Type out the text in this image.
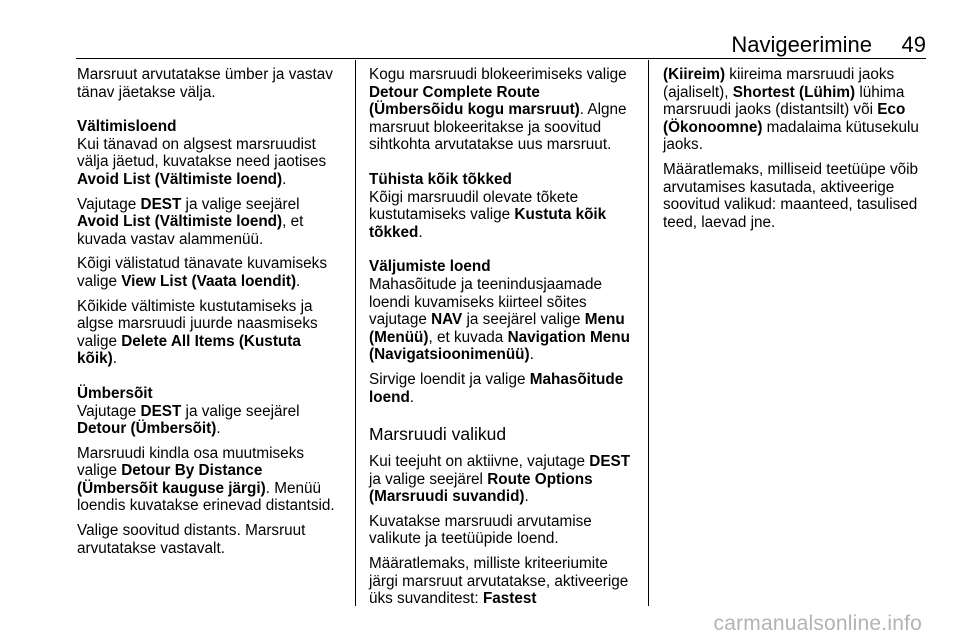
Navigeerimine 49

Marsruut arvutatakse ümber ja vastav tänav jäetakse välja.

Vältimisloend

Kui tänavad on algsest marsruudist välja jäetud, kuvatakse need jaotises Avoid List (Vältimiste loend).

Vajutage DEST ja valige seejärel Avoid List (Vältimiste loend), et kuvada vastav alammenüü.

Kõigi välistatud tänavate kuvamiseks valige View List (Vaata loendit).

Kõikide vältimiste kustutamiseks ja algse marsruudi juurde naasmiseks valige Delete All Items (Kustuta kõik).

Ümbersõit

Vajutage DEST ja valige seejärel Detour (Ümbersõit).

Marsruudi kindla osa muutmiseks valige Detour By Distance (Ümbersõit kauguse järgi). Menüü loendis kuvatakse erinevad distantsid.

Valige soovitud distants. Marsruut arvutatakse vastavalt.

Kogu marsruudi blokeerimiseks valige Detour Complete Route (Ümbersõidu kogu marsruut). Algne marsruut blokeeritakse ja soovitud sihtkohta arvutatakse uus marsruut.

Tühista kõik tõkked

Kõigi marsruudil olevate tõkete kustutamiseks valige Kustuta kõik tõkked.

Väljumiste loend

Mahasõitude ja teenindusjaamade loendi kuvamiseks kiirteel sõites vajutage NAV ja seejärel valige Menu (Menüü), et kuvada Navigation Menu (Navigatsioonimenüü).

Sirvige loendit ja valige Mahasõitude loend.

Marsruudi valikud

Kui teejuht on aktiivne, vajutage DEST ja valige seejärel Route Options (Marsruudi suvandid).

Kuvatakse marsruudi arvutamise valikute ja teetüüpide loend.

Määratlemaks, milliste kriteeriumite järgi marsruut arvutatakse, aktiveerige üks suvanditest: Fastest

(Kiireim) kiireima marsruudi jaoks (ajaliselt), Shortest (Lühim) lühima marsruudi jaoks (distantsilt) või Eco (Ökonoomne) madalaima kütusekulu jaoks.

Määratlemaks, milliseid teetüüpe võib arvutamises kasutada, aktiveerige soovitud valikud: maanteed, tasulised teed, laevad jne.

carmanualsonline.info
